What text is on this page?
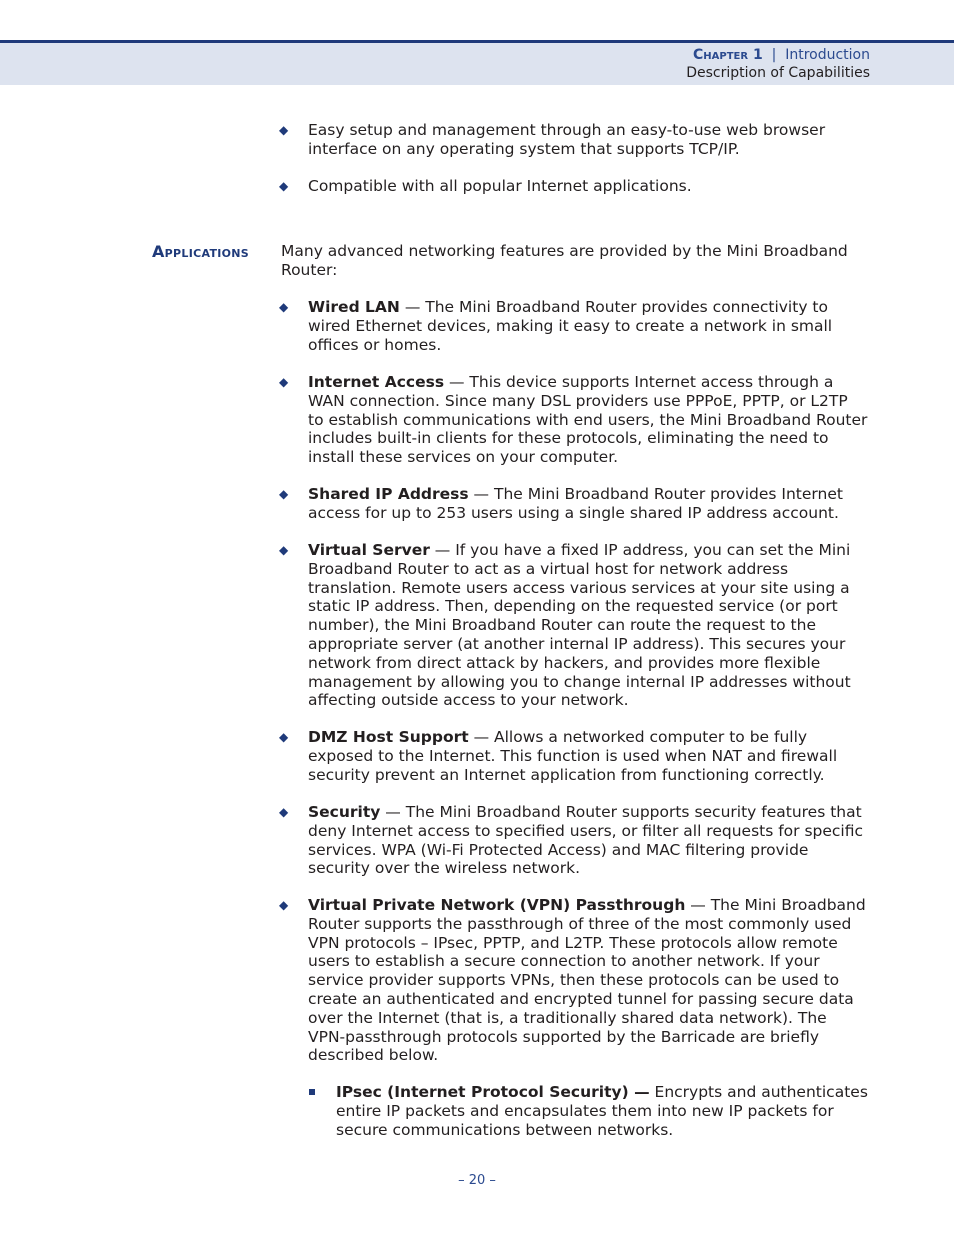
Chapter 1 | Introduction
Description of Capabilities
◆ Easy setup and management through an easy-to-use web browser interface on any operating system that supports TCP/IP.

◆ Compatible with all popular Internet applications.

Applications Many advanced networking features are provided by the Mini Broadband Router:

◆ Wired LAN — The Mini Broadband Router provides connectivity to wired Ethernet devices, making it easy to create a network in small offices or homes.

◆ Internet Access — This device supports Internet access through a WAN connection. Since many DSL providers use PPPoE, PPTP, or L2TP to establish communications with end users, the Mini Broadband Router includes built-in clients for these protocols, eliminating the need to install these services on your computer.

◆ Shared IP Address — The Mini Broadband Router provides Internet access for up to 253 users using a single shared IP address account.

◆ Virtual Server — If you have a fixed IP address, you can set the Mini Broadband Router to act as a virtual host for network address translation. Remote users access various services at your site using a static IP address. Then, depending on the requested service (or port number), the Mini Broadband Router can route the request to the appropriate server (at another internal IP address). This secures your network from direct attack by hackers, and provides more flexible management by allowing you to change internal IP addresses without affecting outside access to your network.

◆ DMZ Host Support — Allows a networked computer to be fully exposed to the Internet. This function is used when NAT and firewall security prevent an Internet application from functioning correctly.

◆ Security — The Mini Broadband Router supports security features that deny Internet access to specified users, or filter all requests for specific services. WPA (Wi-Fi Protected Access) and MAC filtering provide security over the wireless network.

◆ Virtual Private Network (VPN) Passthrough — The Mini Broadband Router supports the passthrough of three of the most commonly used VPN protocols – IPsec, PPTP, and L2TP. These protocols allow remote users to establish a secure connection to another network. If your service provider supports VPNs, then these protocols can be used to create an authenticated and encrypted tunnel for passing secure data over the Internet (that is, a traditionally shared data network). The VPN-passthrough protocols supported by the Barricade are briefly described below.

IPsec (Internet Protocol Security) — Encrypts and authenticates entire IP packets and encapsulates them into new IP packets for secure communications between networks.

– 20 –
